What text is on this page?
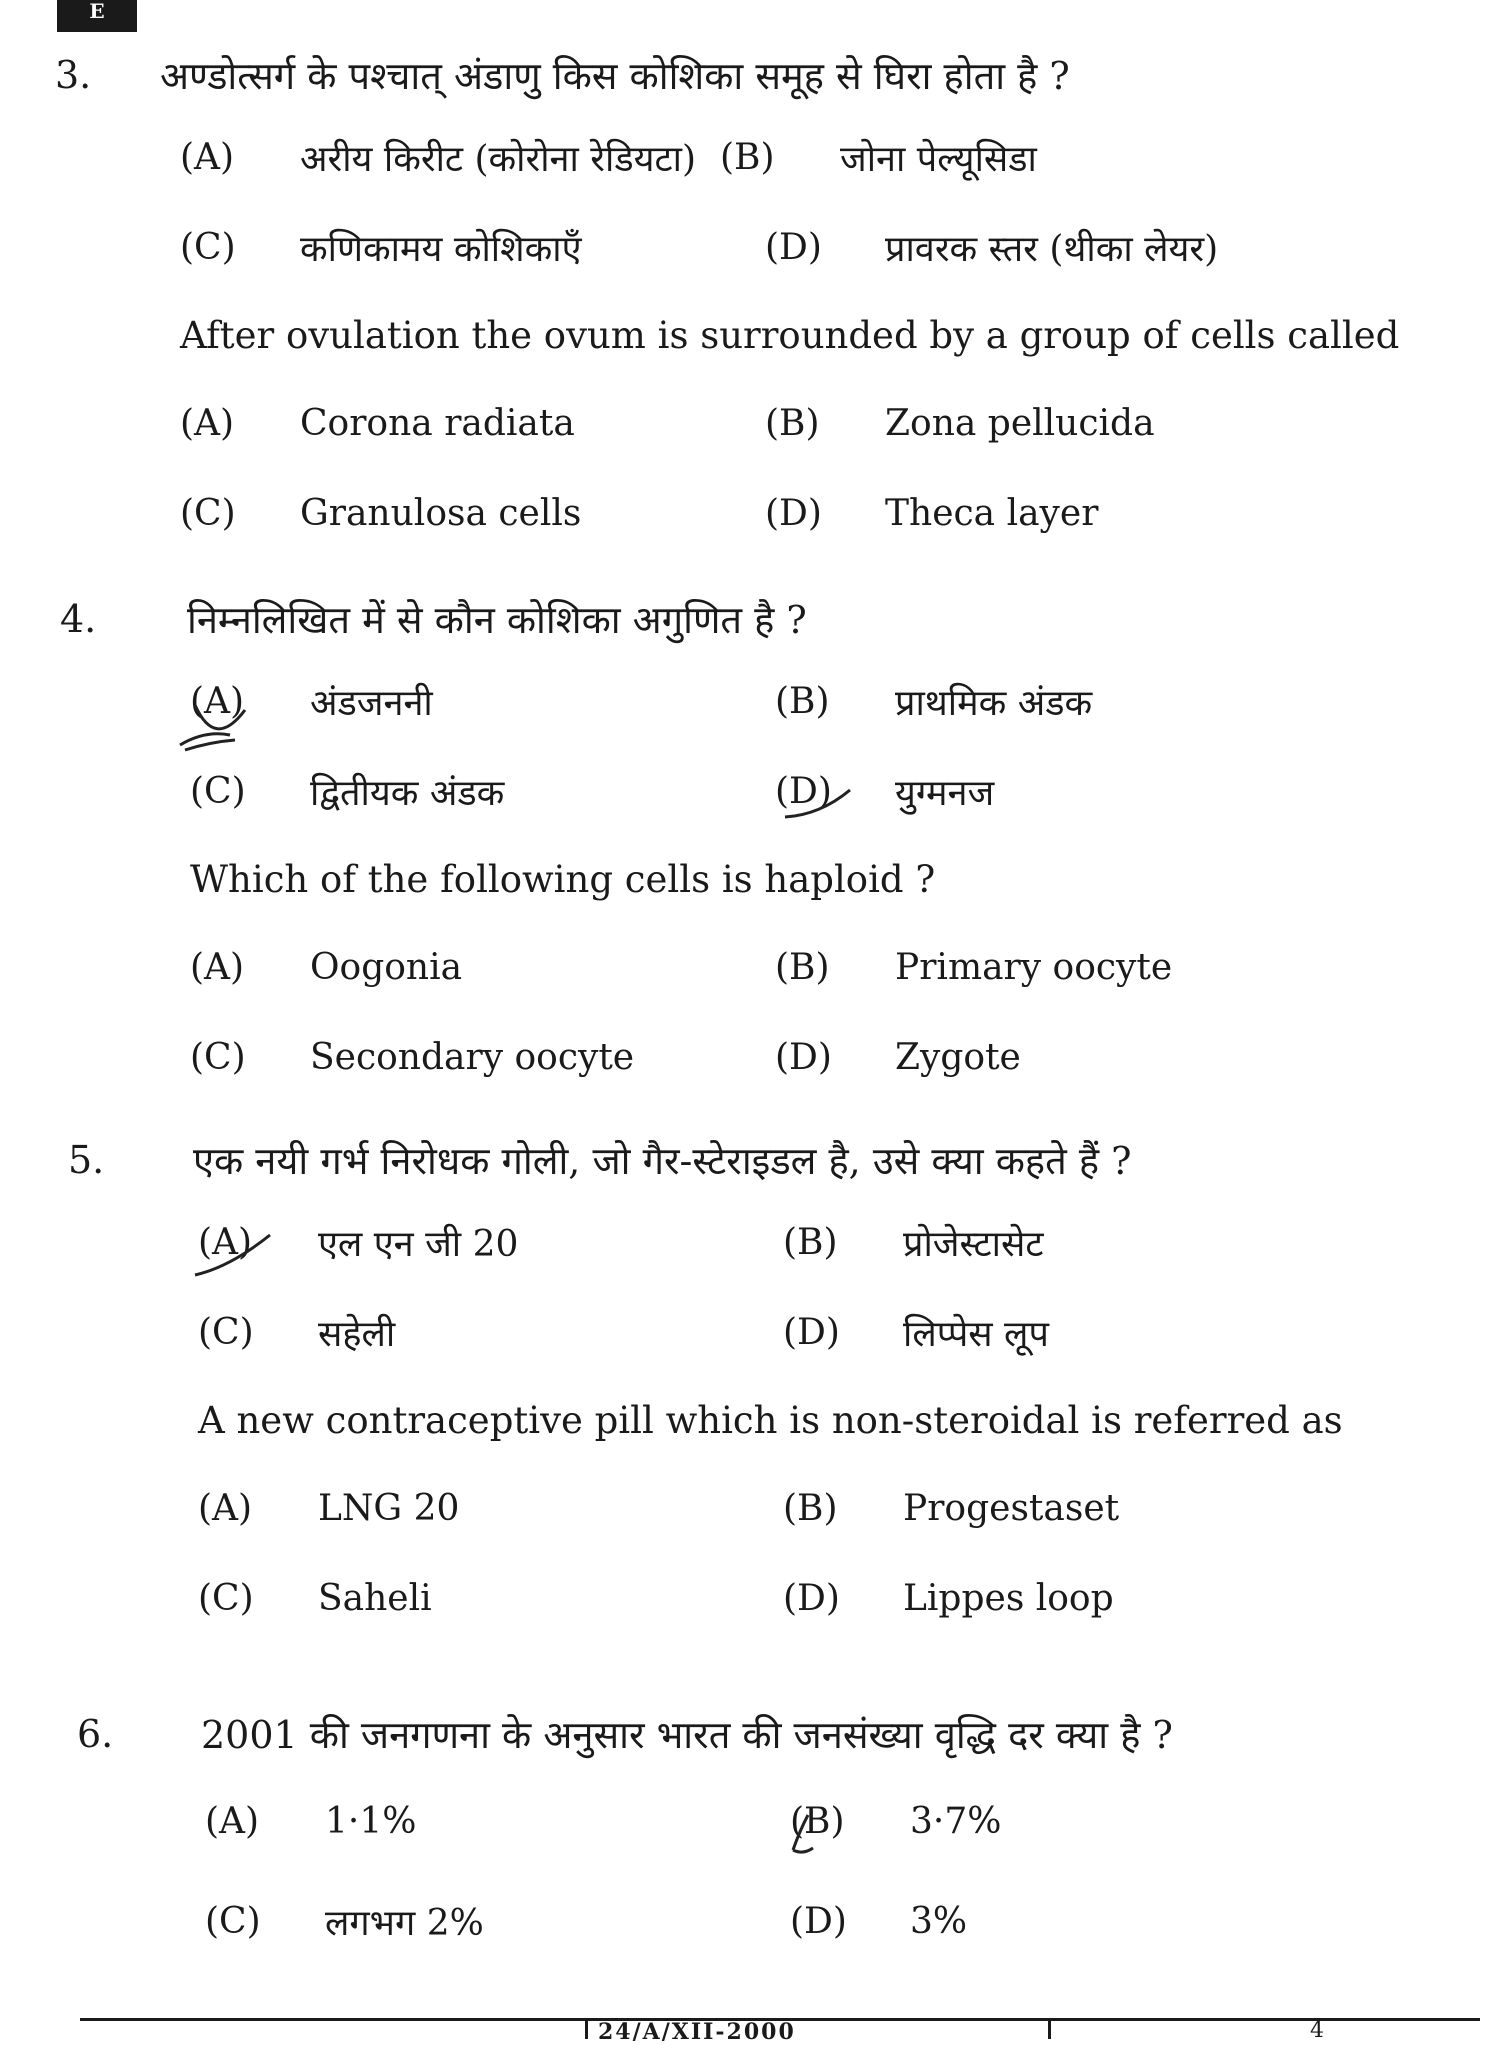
E
3.	अण्डोत्सर्ग के पश्चात् अंडाणु किस कोशिका समूह से घिरा होता है ?
(A)	अरीय किरीट (कोरोना रेडियटा) (B)	जोना पेल्यूसिडा
(C)	कणिकामय कोशिकाएँ	(D)	प्रावरक स्तर (थीका लेयर)
After ovulation the ovum is surrounded by a group of cells called
(A)	Corona radiata	(B)	Zona pellucida
(C)	Granulosa cells	(D)	Theca layer
4.	निम्नलिखित में से कौन कोशिका अगुणित है ?
(A)	अंडजननी	(B)	प्राथमिक अंडक
(C)	द्वितीयक अंडक	(D)	युग्मनज
Which of the following cells is haploid ?
(A)	Oogonia	(B)	Primary oocyte
(C)	Secondary oocyte	(D)	Zygote
5.	एक नयी गर्भ निरोधक गोली, जो गैर-स्टेराइडल है, उसे क्या कहते हैं ?
(A)	एल एन जी 20	(B)	प्रोजेस्टासेट
(C)	सहेली	(D)	लिप्पेस लूप
A new contraceptive pill which is non-steroidal is referred as
(A)	LNG 20	(B)	Progestaset
(C)	Saheli	(D)	Lippes loop
6.	2001 की जनगणना के अनुसार भारत की जनसंख्या वृद्धि दर क्या है ?
(A)	1·1%	(B)	3·7%
(C)	लगभग 2%	(D)	3%
24/A/XII-2000	4
